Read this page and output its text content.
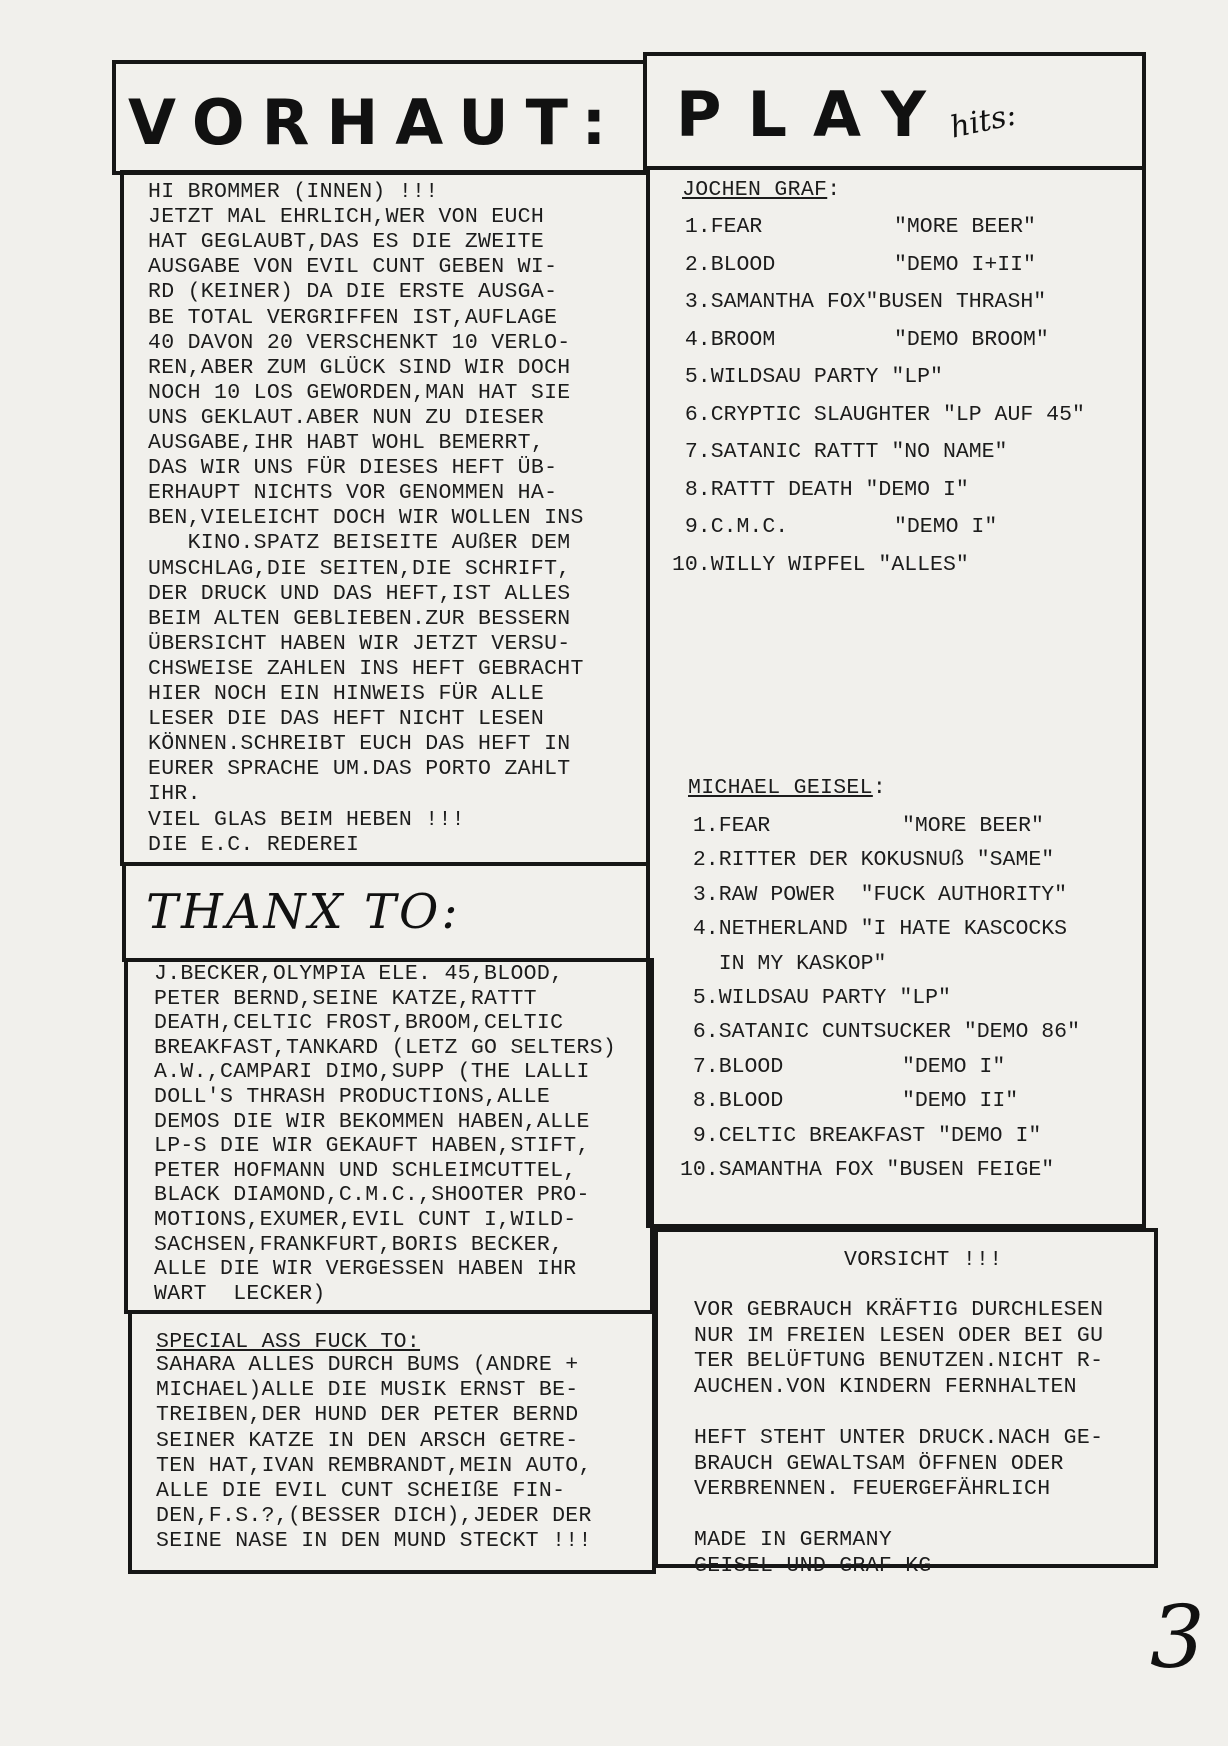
VORHAUT: PLAY
hits:
HI BROMMER (INNEN) !!!
JETZT MAL EHRLICH,WER VON EUCH
HAT GEGLAUBT,DAS ES DIE ZWEITE
AUSGABE VON EVIL CUNT GEBEN WI-
RD (KEINER) DA DIE ERSTE AUSGA-
BE TOTAL VERGRIFFEN IST,AUFLAGE
40 DAVON 20 VERSCHENKT 10 VERLO-
REN,ABER ZUM GLÜCK SIND WIR DOCH
NOCH 10 LOS GEWORDEN,MAN HAT SIE
UNS GEKLAUT.ABER NUN ZU DIESER
AUSGABE,IHR HABT WOHL BEMERRT,
DAS WIR UNS FÜR DIESES HEFT ÜB-
ERHAUPT NICHTS VOR GENOMMEN HA-
BEN,VIELEICHT DOCH WIR WOLLEN INS
KINO.SPATZ BEISEITE AUßER DEM
UMSCHLAG,DIE SEITEN,DIE SCHRIFT,
DER DRUCK UND DAS HEFT,IST ALLES
BEIM ALTEN GEBLIEBEN.ZUR BESSERN
ÜBERSICHT HABEN WIR JETZT VERSU-
CHSWEISE ZAHLEN INS HEFT GEBRACHT
HIER NOCH EIN HINWEIS FÜR ALLE
LESER DIE DAS HEFT NICHT LESEN
KÖNNEN.SCHREIBT EUCH DAS HEFT IN
EURER SPRACHE UM.DAS PORTO ZAHLT
IHR.
VIEL GLAS BEIM HEBEN !!!
DIE E.C. REDEREI
THANX TO:
J.BECKER,OLYMPIA ELE. 45,BLOOD,
PETER BERND,SEINE KATZE,RATTT
DEATH,CELTIC FROST,BROOM,CELTIC
BREAKFAST,TANKARD (LETZ GO SELTERS)
A.W.,CAMPARI DIMO,SUPP (THE LALLI
DOLL'S THRASH PRODUCTIONS,ALLE
DEMOS DIE WIR BEKOMMEN HABEN,ALLE
LP-S DIE WIR GEKAUFT HABEN,STIFT,
PETER HOFMANN UND SCHLEIMCUTTEL,
BLACK DIAMOND,C.M.C.,SHOOTER PRO-
MOTIONS,EXUMER,EVIL CUNT I,WILD-
SACHSEN,FRANKFURT,BORIS BECKER,
ALLE DIE WIR VERGESSEN HABEN IHR
WART  LECKER)
SPECIAL ASS FUCK TO:
SAHARA ALLES DURCH BUMS (ANDRE +
MICHAEL)ALLE DIE MUSIK ERNST BE-
TREIBEN,DER HUND DER PETER BERND
SEINER KATZE IN DEN ARSCH GETRE-
TEN HAT,IVAN REMBRANDT,MEIN AUTO,
ALLE DIE EVIL CUNT SCHEIßE FIN-
DEN,F.S.?,(BESSER DICH),JEDER DER
SEINE NASE IN DEN MUND STECKT !!!
JOCHEN GRAF:
1.FEAR	"MORE BEER"
2.BLOOD	"DEMO I+II"
3.SAMANTHA FOX"BUSEN THRASH"
4.BROOM	"DEMO BROOM"
5.WILDSAU PARTY "LP"
6.CRYPTIC SLAUGHTER "LP AUF 45"
7.SATANIC RATTT "NO NAME"
8.RATTT DEATH "DEMO I"
9.C.M.C.	"DEMO I"
10.WILLY WIPFEL "ALLES"
MICHAEL GEISEL:
1.FEAR	"MORE BEER"
2.RITTER DER KOKUSNUß "SAME"
3.RAW POWER  "FUCK AUTHORITY"
4.NETHERLAND "I HATE KASCOCKS
IN MY KASKOP"
5.WILDSAU PARTY "LP"
6.SATANIC CUNTSUCKER "DEMO 86"
7.BLOOD	"DEMO I"
8.BLOOD	"DEMO II"
9.CELTIC BREAKFAST "DEMO I"
10.SAMANTHA FOX "BUSEN FEIGE"
VORSICHT !!!
VOR GEBRAUCH KRÄFTIG DURCHLESEN
NUR IM FREIEN LESEN ODER BEI GU
TER BELÜFTUNG BENUTZEN.NICHT R-
AUCHEN.VON KINDERN FERNHALTEN
HEFT STEHT UNTER DRUCK.NACH GE-
BRAUCH GEWALTSAM ÖFFNEN ODER
VERBRENNEN. FEUERGEFÄHRLICH
MADE IN GERMANY
GEISEL UND GRAF KG
3
